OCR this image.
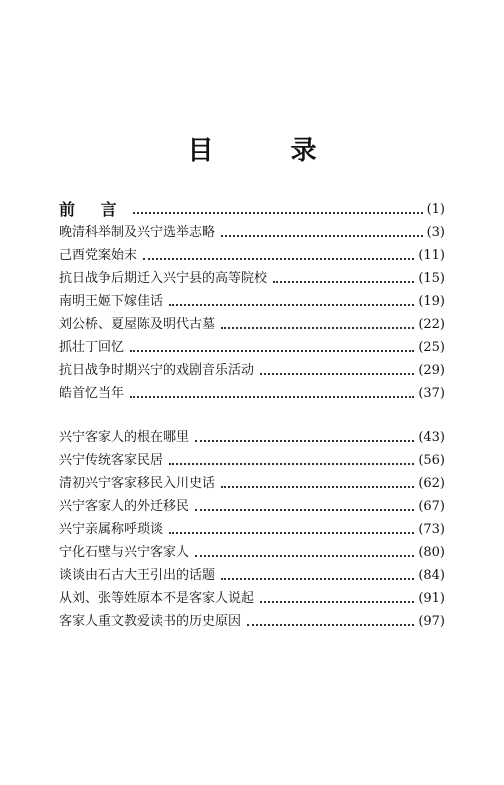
目 录
前 言	(1)
晚清科举制及兴宁选举志略	(3)
己酉党案始末	(11)
抗日战争后期迁入兴宁县的高等院校	(15)
南明王姬下嫁佳话	(19)
刘公桥、夏屋陈及明代古墓	(22)
抓壮丁回忆	(25)
抗日战争时期兴宁的戏剧音乐活动	(29)
皓首忆当年	(37)
兴宁客家人的根在哪里	(43)
兴宁传统客家民居	(56)
清初兴宁客家移民入川史话	(62)
兴宁客家人的外迁移民	(67)
兴宁亲属称呼琐谈	(73)
宁化石壁与兴宁客家人	(80)
谈谈由石古大王引出的话题	(84)
从刘、张等姓原本不是客家人说起	(91)
客家人重文教爱读书的历史原因	(97)
